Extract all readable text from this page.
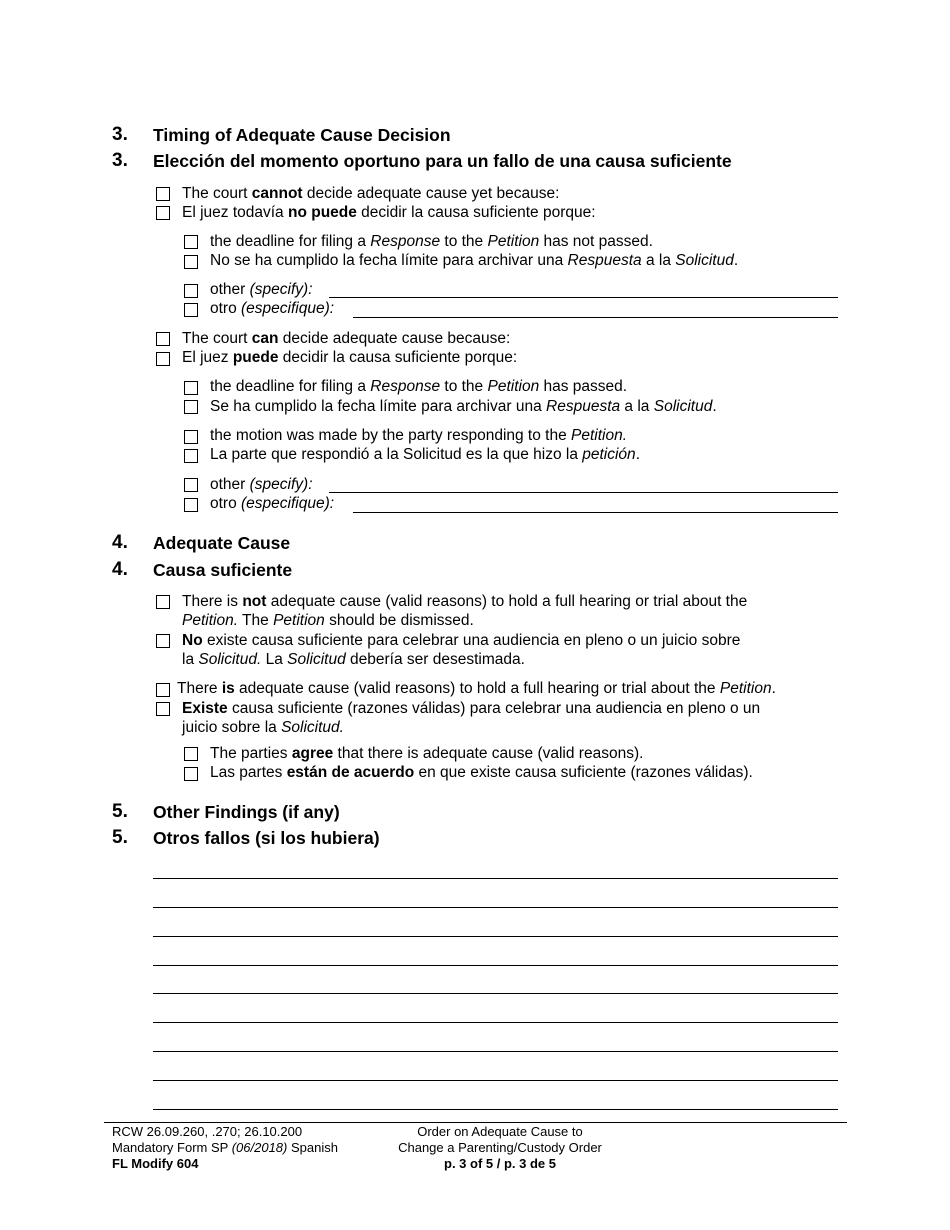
3. Timing of Adequate Cause Decision
3. Elección del momento oportuno para un fallo de una causa suficiente
The court cannot decide adequate cause yet because:
El juez todavía no puede decidir la causa suficiente porque:
the deadline for filing a Response to the Petition has not passed.
No se ha cumplido la fecha límite para archivar una Respuesta a la Solicitud.
other (specify):
otro (especifique):
The court can decide adequate cause because:
El juez puede decidir la causa suficiente porque:
the deadline for filing a Response to the Petition has passed.
Se ha cumplido la fecha límite para archivar una Respuesta a la Solicitud.
the motion was made by the party responding to the Petition.
La parte que respondió a la Solicitud es la que hizo la petición.
other (specify):
otro (especifique):
4. Adequate Cause
4. Causa suficiente
There is not adequate cause (valid reasons) to hold a full hearing or trial about the
Petition. The Petition should be dismissed.
No existe causa suficiente para celebrar una audiencia en pleno o un juicio sobre
la Solicitud. La Solicitud debería ser desestimada.
There is adequate cause (valid reasons) to hold a full hearing or trial about the Petition.
Existe causa suficiente (razones válidas) para celebrar una audiencia en pleno o un
juicio sobre la Solicitud.
The parties agree that there is adequate cause (valid reasons).
Las partes están de acuerdo en que existe causa suficiente (razones válidas).
5. Other Findings (if any)
5. Otros fallos (si los hubiera)
RCW 26.09.260, .270; 26.10.200
Mandatory Form SP (06/2018) Spanish
FL Modify 604
Order on Adequate Cause to
Change a Parenting/Custody Order
p. 3 of 5 / p. 3 de 5
